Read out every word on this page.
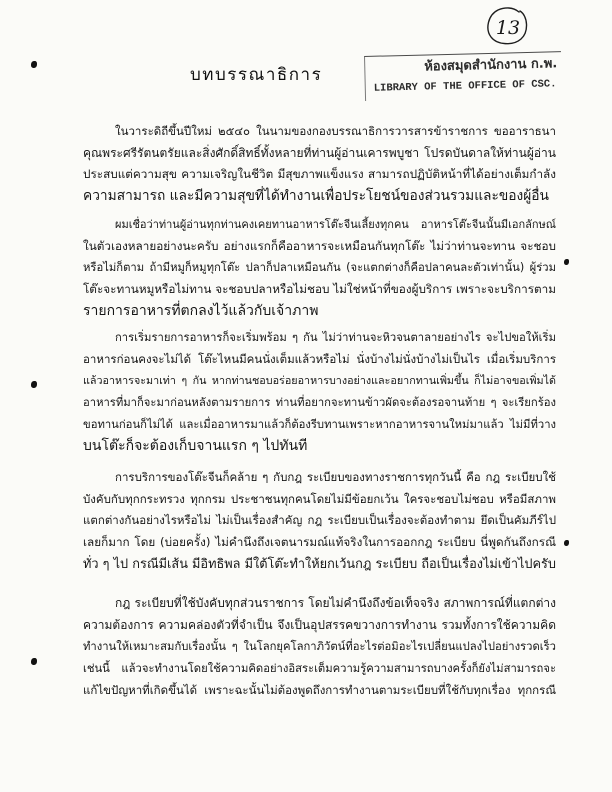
13
บทบรรณาธิการ	ห้องสมุดสำนักงาน ก.พ.
LIBRARY OF THE OFFICE OF CSC.
ในวาระดิถีขึ้นปีใหม่ ๒๕๔๐ ในนามของกองบรรณาธิการวารสารข้าราชการ ขออาราธนา
คุณพระศรีรัตนตรัยและสิ่งศักดิ์สิทธิ์ทั้งหลายที่ท่านผู้อ่านเคารพบูชา โปรดบันดาลให้ท่านผู้อ่าน
ประสบแต่ความสุข ความเจริญในชีวิต มีสุขภาพแข็งแรง สามารถปฏิบัติหน้าที่ได้อย่างเต็มกำลัง
ความสามารถ และมีความสุขที่ได้ทำงานเพื่อประโยชน์ของส่วนรวมและของผู้อื่น
ผมเชื่อว่าท่านผู้อ่านทุกท่านคงเคยทานอาหารโต๊ะจีนเลี้ยงทุกคน อาหารโต๊ะจีนนั้นมีเอกลักษณ์
ในตัวเองหลายอย่างนะครับ อย่างแรกก็คืออาหารจะเหมือนกันทุกโต๊ะ ไม่ว่าท่านจะทาน จะชอบ
หรือไม่ก็ตาม ถ้ามีหมูก็หมูทุกโต๊ะ ปลาก็ปลาเหมือนกัน (จะแตกต่างก็คือปลาคนละตัวเท่านั้น) ผู้ร่วม
โต๊ะจะทานหมูหรือไม่ทาน จะชอบปลาหรือไม่ชอบ ไม่ใช่หน้าที่ของผู้บริการ เพราะจะบริการตาม
รายการอาหารที่ตกลงไว้แล้วกับเจ้าภาพ
การเริ่มรายการอาหารก็จะเริ่มพร้อม ๆ กัน ไม่ว่าท่านจะหิวจนตาลายอย่างไร จะไปขอให้เริ่ม
อาหารก่อนคงจะไม่ได้ โต๊ะไหนมีคนนั่งเต็มแล้วหรือไม่ นั่งบ้างไม่นั่งบ้างไม่เป็นไร เมื่อเริ่มบริการ
แล้วอาหารจะมาเท่า ๆ กัน หากท่านชอบอร่อยอาหารบางอย่างและอยากทานเพิ่มขึ้น ก็ไม่อาจขอเพิ่มได้
อาหารที่มาก็จะมาก่อนหลังตามรายการ ท่านที่อยากจะทานข้าวผัดจะต้องรอจานท้าย ๆ จะเรียกร้อง
ขอทานก่อนก็ไม่ได้ และเมื่ออาหารมาแล้วก็ต้องรีบทานเพราะหากอาหารจานใหม่มาแล้ว ไม่มีที่วาง
บนโต๊ะก็จะต้องเก็บจานแรก ๆ ไปทันที
การบริการของโต๊ะจีนก็คล้าย ๆ กับกฎ ระเบียบของทางราชการทุกวันนี้ คือ กฎ ระเบียบใช้
บังคับกับทุกกระทรวง ทุกกรม ประชาชนทุกคนโดยไม่มีข้อยกเว้น ใครจะชอบไม่ชอบ หรือมีสภาพ
แตกต่างกันอย่างไรหรือไม่ ไม่เป็นเรื่องสำคัญ กฎ ระเบียบเป็นเรื่องจะต้องทำตาม ยึดเป็นคัมภีร์ไป
เลยก็มาก โดย (บ่อยครั้ง) ไม่คำนึงถึงเจตนารมณ์แท้จริงในการออกกฎ ระเบียบ นี่พูดกันถึงกรณี
ทั่ว ๆ ไป กรณีมีเส้น มีอิทธิพล มีใต้โต๊ะทำให้ยกเว้นกฎ ระเบียบ ถือเป็นเรื่องไม่เข้าไปครับ
กฎ ระเบียบที่ใช้บังคับทุกส่วนราชการ โดยไม่คำนึงถึงข้อเท็จจริง สภาพการณ์ที่แตกต่าง
ความต้องการ ความคล่องตัวที่จำเป็น จึงเป็นอุปสรรคขวางการทำงาน รวมทั้งการใช้ความคิด
ทำงานให้เหมาะสมกับเรื่องนั้น ๆ ในโลกยุคโลกาภิวัตน์ที่อะไรต่อมิอะไรเปลี่ยนแปลงไปอย่างรวดเร็ว
เช่นนี้ แล้วจะทำงานโดยใช้ความคิดอย่างอิสระเต็มความรู้ความสามารถบางครั้งก็ยังไม่สามารถจะ
แก้ไขปัญหาที่เกิดขึ้นได้ เพราะฉะนั้นไม่ต้องพูดถึงการทำงานตามระเบียบที่ใช้กับทุกเรื่อง ทุกกรณี
